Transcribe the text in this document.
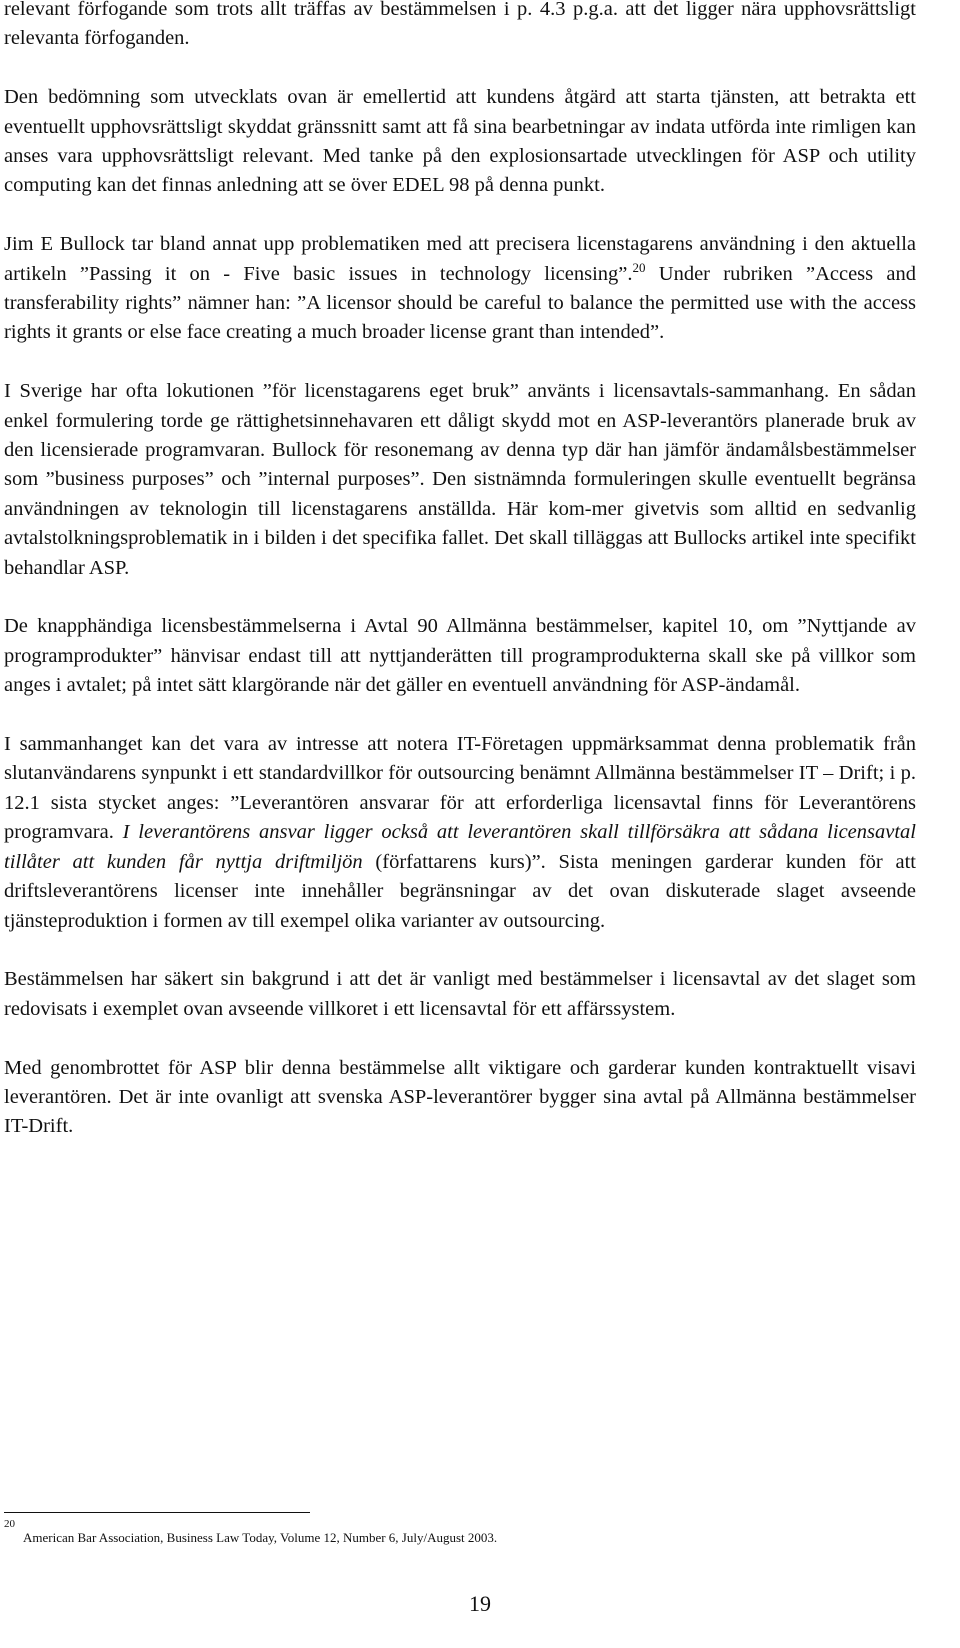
relevant förfogande som trots allt träffas av bestämmelsen i p. 4.3 p.g.a. att det ligger nära upphovsrättsligt relevanta förfoganden.

Den bedömning som utvecklats ovan är emellertid att kundens åtgärd att starta tjänsten, att betrakta ett eventuellt upphovsrättsligt skyddat gränssnitt samt att få sina bearbetningar av indata utförda inte rimligen kan anses vara upphovsrättsligt relevant. Med tanke på den explosionsartade utvecklingen för ASP och utility computing kan det finnas anledning att se över EDEL 98 på denna punkt.

Jim E Bullock tar bland annat upp problematiken med att precisera licenstagarens användning i den aktuella artikeln ”Passing it on - Five basic issues in technology licensing”.$^{20}$ Under rubriken ”Access and transferability rights” nämner han: ”A licensor should be careful to balance the permitted use with the access rights it grants or else face creating a much broader license grant than intended”.

I Sverige har ofta lokutionen ”för licenstagarens eget bruk” använts i licensavtals-sammanhang. En sådan enkel formulering torde ge rättighetsinnehavaren ett dåligt skydd mot en ASP-leverantörs planerade bruk av den licensierade programvaran. Bullock för resonemang av denna typ där han jämför ändamålsbestämmelser som ”business purposes” och ”internal purposes”. Den sistnämnda formuleringen skulle eventuellt begränsa användningen av teknologin till licenstagarens anställda. Här kom-mer givetvis som alltid en sedvanlig avtalstolkningsproblematik in i bilden i det specifika fallet. Det skall tilläggas att Bullocks artikel inte specifikt behandlar ASP.

De knapphändiga licensbestämmelserna i Avtal 90 Allmänna bestämmelser, kapitel 10, om ”Nyttjande av programprodukter” hänvisar endast till att nyttjanderätten till programprodukterna skall ske på villkor som anges i avtalet; på intet sätt klargörande när det gäller en eventuell användning för ASP-ändamål.

I sammanhanget kan det vara av intresse att notera IT-Företagen uppmärksammat denna problematik från slutanvändarens synpunkt i ett standardvillkor för outsourcing benämnt Allmänna bestämmelser IT – Drift; i p. 12.1 sista stycket anges: ”Leverantören ansvarar för att erforderliga licensavtal finns för Leverantörens programvara. I leverantörens ansvar ligger också att leverantören skall tillförsäkra att sådana licensavtal tillåter att kunden får nyttja driftmiljön (författarens kurs)”. Sista meningen garderar kunden för att driftsleverantörens licenser inte innehåller begränsningar av det ovan diskuterade slaget avseende tjänsteproduktion i formen av till exempel olika varianter av outsourcing.

Bestämmelsen har säkert sin bakgrund i att det är vanligt med bestämmelser i licensavtal av det slaget som redovisats i exemplet ovan avseende villkoret i ett licensavtal för ett affärssystem.

Med genombrottet för ASP blir denna bestämmelse allt viktigare och garderar kunden kontraktuellt visavi leverantören. Det är inte ovanligt att svenska ASP-leverantörer bygger sina avtal på Allmänna bestämmelser IT-Drift.

20
American Bar Association, Business Law Today, Volume 12, Number 6, July/August 2003.
19
